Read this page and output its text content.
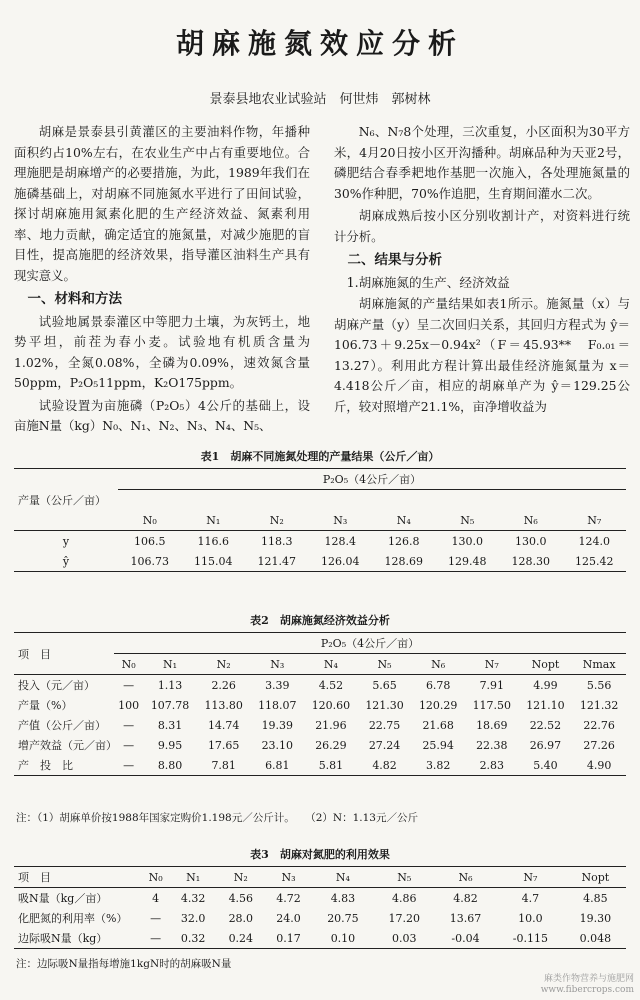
胡麻施氮效应分析
景泰县地农业试验站　何世炜　郭树林

胡麻是景泰县引黄灌区的主要油料作物，年播种面积约占10%左右，在农业生产中占有重要地位。合理施肥是胡麻增产的必要措施，为此，1989年我们在施磷基础上，对胡麻不同施氮水平进行了田间试验，探讨胡麻施用氮素化肥的生产经济效益、氮素利用率、地力贡献，确定适宜的施氮量，对减少施肥的盲目性，提高施肥的经济效果，指导灌区油料生产具有现实意义。

一、材料和方法

试验地属景泰灌区中等肥力土壤，为灰钙土，地势平坦，前茬为春小麦。试验地有机质含量为1.02%，全氮0.08%，全磷为0.09%，速效氮含量50ppm，P₂O₅11ppm，K₂O175ppm。

试验设置为亩施磷（P₂O₅）4公斤的基础上，设亩施N量（kg）N₀、N₁、N₂、N₃、N₄、N₅、

N₆、N₇8个处理，三次重复，小区面积为30平方米，4月20日按小区开沟播种。胡麻品种为天亚2号，磷肥结合春季耙地作基肥一次施入，各处理施氮量的30%作种肥，70%作追肥，生育期间灌水二次。

胡麻成熟后按小区分别收割计产，对资料进行统计分析。

二、结果与分析
1.胡麻施氮的生产、经济效益

胡麻施氮的产量结果如表1所示。施氮量（x）与胡麻产量（y）呈二次回归关系，其回归方程式为 ŷ＝106.73＋9.25x－0.94x²（F＝45.93**　F₀.₀₁＝13.27）。利用此方程计算出最佳经济施氮量为 x＝4.418公斤／亩，相应的胡麻单产为 ŷ＝129.25公斤，较对照增产21.1%，亩净增收益为

表1　胡麻不同施氮处理的产量结果（公斤／亩）
	P₂O₅（4公斤／亩）							
产量（公斤／亩）								
	N₀	N₁	N₂	N₃	N₄	N₅	N₆	N₇
y	106.5	116.6	118.3	128.4	126.8	130.0	130.0	124.0
ŷ	106.73	115.04	121.47	126.04	128.69	129.48	128.30	125.42
表2　胡麻施氮经济效益分析
项　目	P₂O₅（4公斤／亩）									
	N₀	N₁	N₂	N₃	N₄	N₅	N₆	N₇	Nopt	Nmax
投入（元／亩）	—	1.13	2.26	3.39	4.52	5.65	6.78	7.91	4.99	5.56
产量（%）	100	107.78	113.80	118.07	120.60	121.30	120.29	117.50	121.10	121.32
产值（公斤／亩）	—	8.31	14.74	19.39	21.96	22.75	21.68	18.69	22.52	22.76
增产效益（元／亩）	—	9.95	17.65	23.10	26.29	27.24	25.94	22.38	26.97	27.26
产　投　比	—	8.80	7.81	6.81	5.81	4.82	3.82	2.83	5.40	4.90
注：（1）胡麻单价按1988年国家定购价1.198元／公斤计。　　（2）N：1.13元／公斤
表3　胡麻对氮肥的利用效果
项　目	N₀	N₁	N₂	N₃	N₄	N₅	N₆	N₇	Nopt
吸N量（kg／亩）	4	4.32	4.56	4.72	4.83	4.86	4.82	4.7	4.85
化肥氮的利用率（%）	—	32.0	28.0	24.0	20.75	17.20	13.67	10.0	19.30
边际吸N量（kg）	—	0.32	0.24	0.17	0.10	0.03	-0.04	-0.115	0.048
注：边际吸N量指每增施1kgN时的胡麻吸N量
麻类作物营养与施肥网
www.fibercrops.com
